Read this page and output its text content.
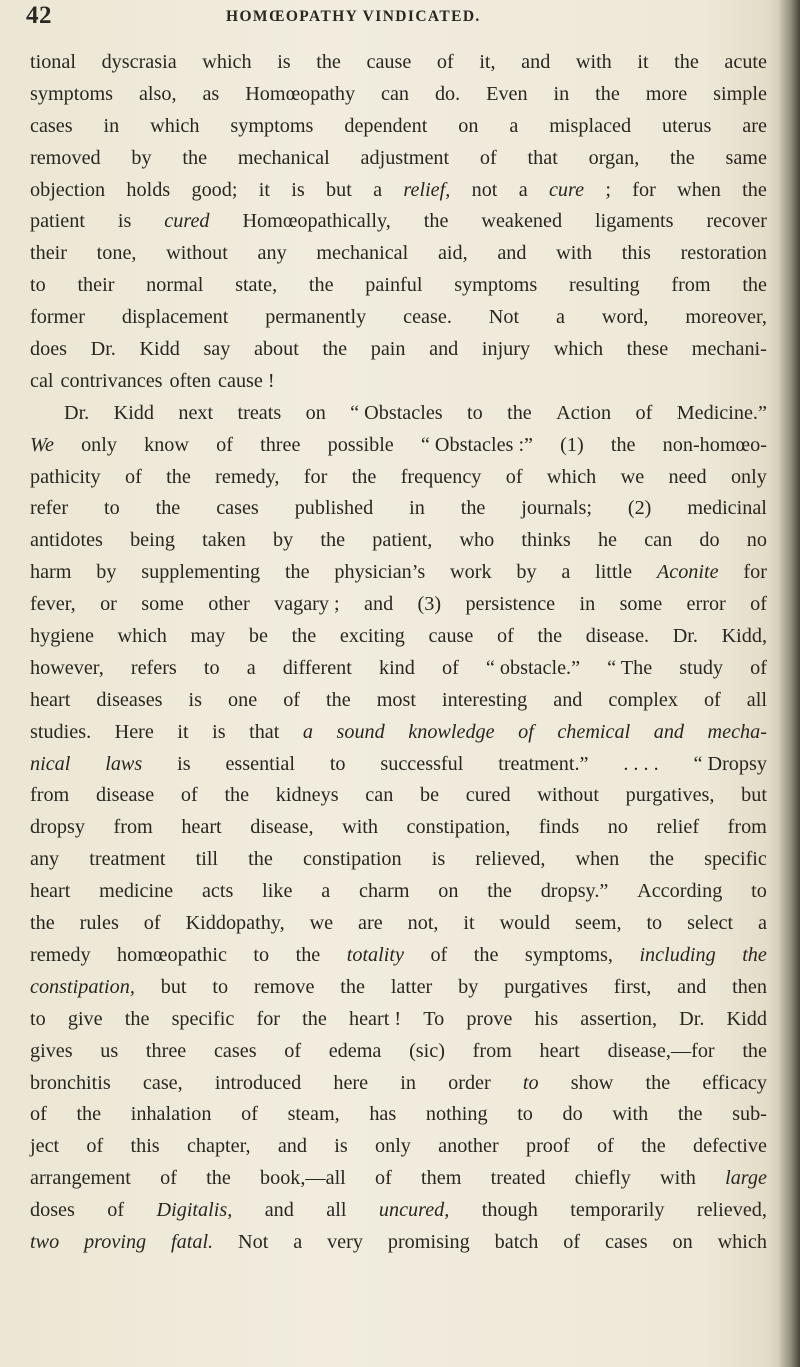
42	HOMŒOPATHY VINDICATED.
tional dyscrasia which is the cause of it, and with it the acute
symptoms also, as Homœopathy can do. Even in the more simple
cases in which symptoms dependent on a misplaced uterus are
removed by the mechanical adjustment of that organ, the same
objection holds good; it is but a relief, not a cure ; for when the
patient is cured Homœopathically, the weakened ligaments recover
their tone, without any mechanical aid, and with this restoration
to their normal state, the painful symptoms resulting from the
former displacement permanently cease. Not a word, moreover,
does Dr. Kidd say about the pain and injury which these mechani-
cal contrivances often cause !
Dr. Kidd next treats on “ Obstacles to the Action of Medicine.”
We only know of three possible “ Obstacles :” (1) the non-homœo-
pathicity of the remedy, for the frequency of which we need only
refer to the cases published in the journals; (2) medicinal
antidotes being taken by the patient, who thinks he can do no
harm by supplementing the physician’s work by a little Aconite for
fever, or some other vagary ; and (3) persistence in some error of
hygiene which may be the exciting cause of the disease. Dr. Kidd,
however, refers to a different kind of “ obstacle.” “ The study of
heart diseases is one of the most interesting and complex of all
studies. Here it is that a sound knowledge of chemical and mecha-
nical laws is essential to successful treatment.” . . . . “ Dropsy
from disease of the kidneys can be cured without purgatives, but
dropsy from heart disease, with constipation, finds no relief from
any treatment till the constipation is relieved, when the specific
heart medicine acts like a charm on the dropsy.” According to
the rules of Kiddopathy, we are not, it would seem, to select a
remedy homœopathic to the totality of the symptoms, including the
constipation, but to remove the latter by purgatives first, and then
to give the specific for the heart ! To prove his assertion, Dr. Kidd
gives us three cases of edema (sic) from heart disease,—for the
bronchitis case, introduced here in order to show the efficacy
of the inhalation of steam, has nothing to do with the sub-
ject of this chapter, and is only another proof of the defective
arrangement of the book,—all of them treated chiefly with large
doses of Digitalis, and all uncured, though temporarily relieved,
two proving fatal. Not a very promising batch of cases on which
